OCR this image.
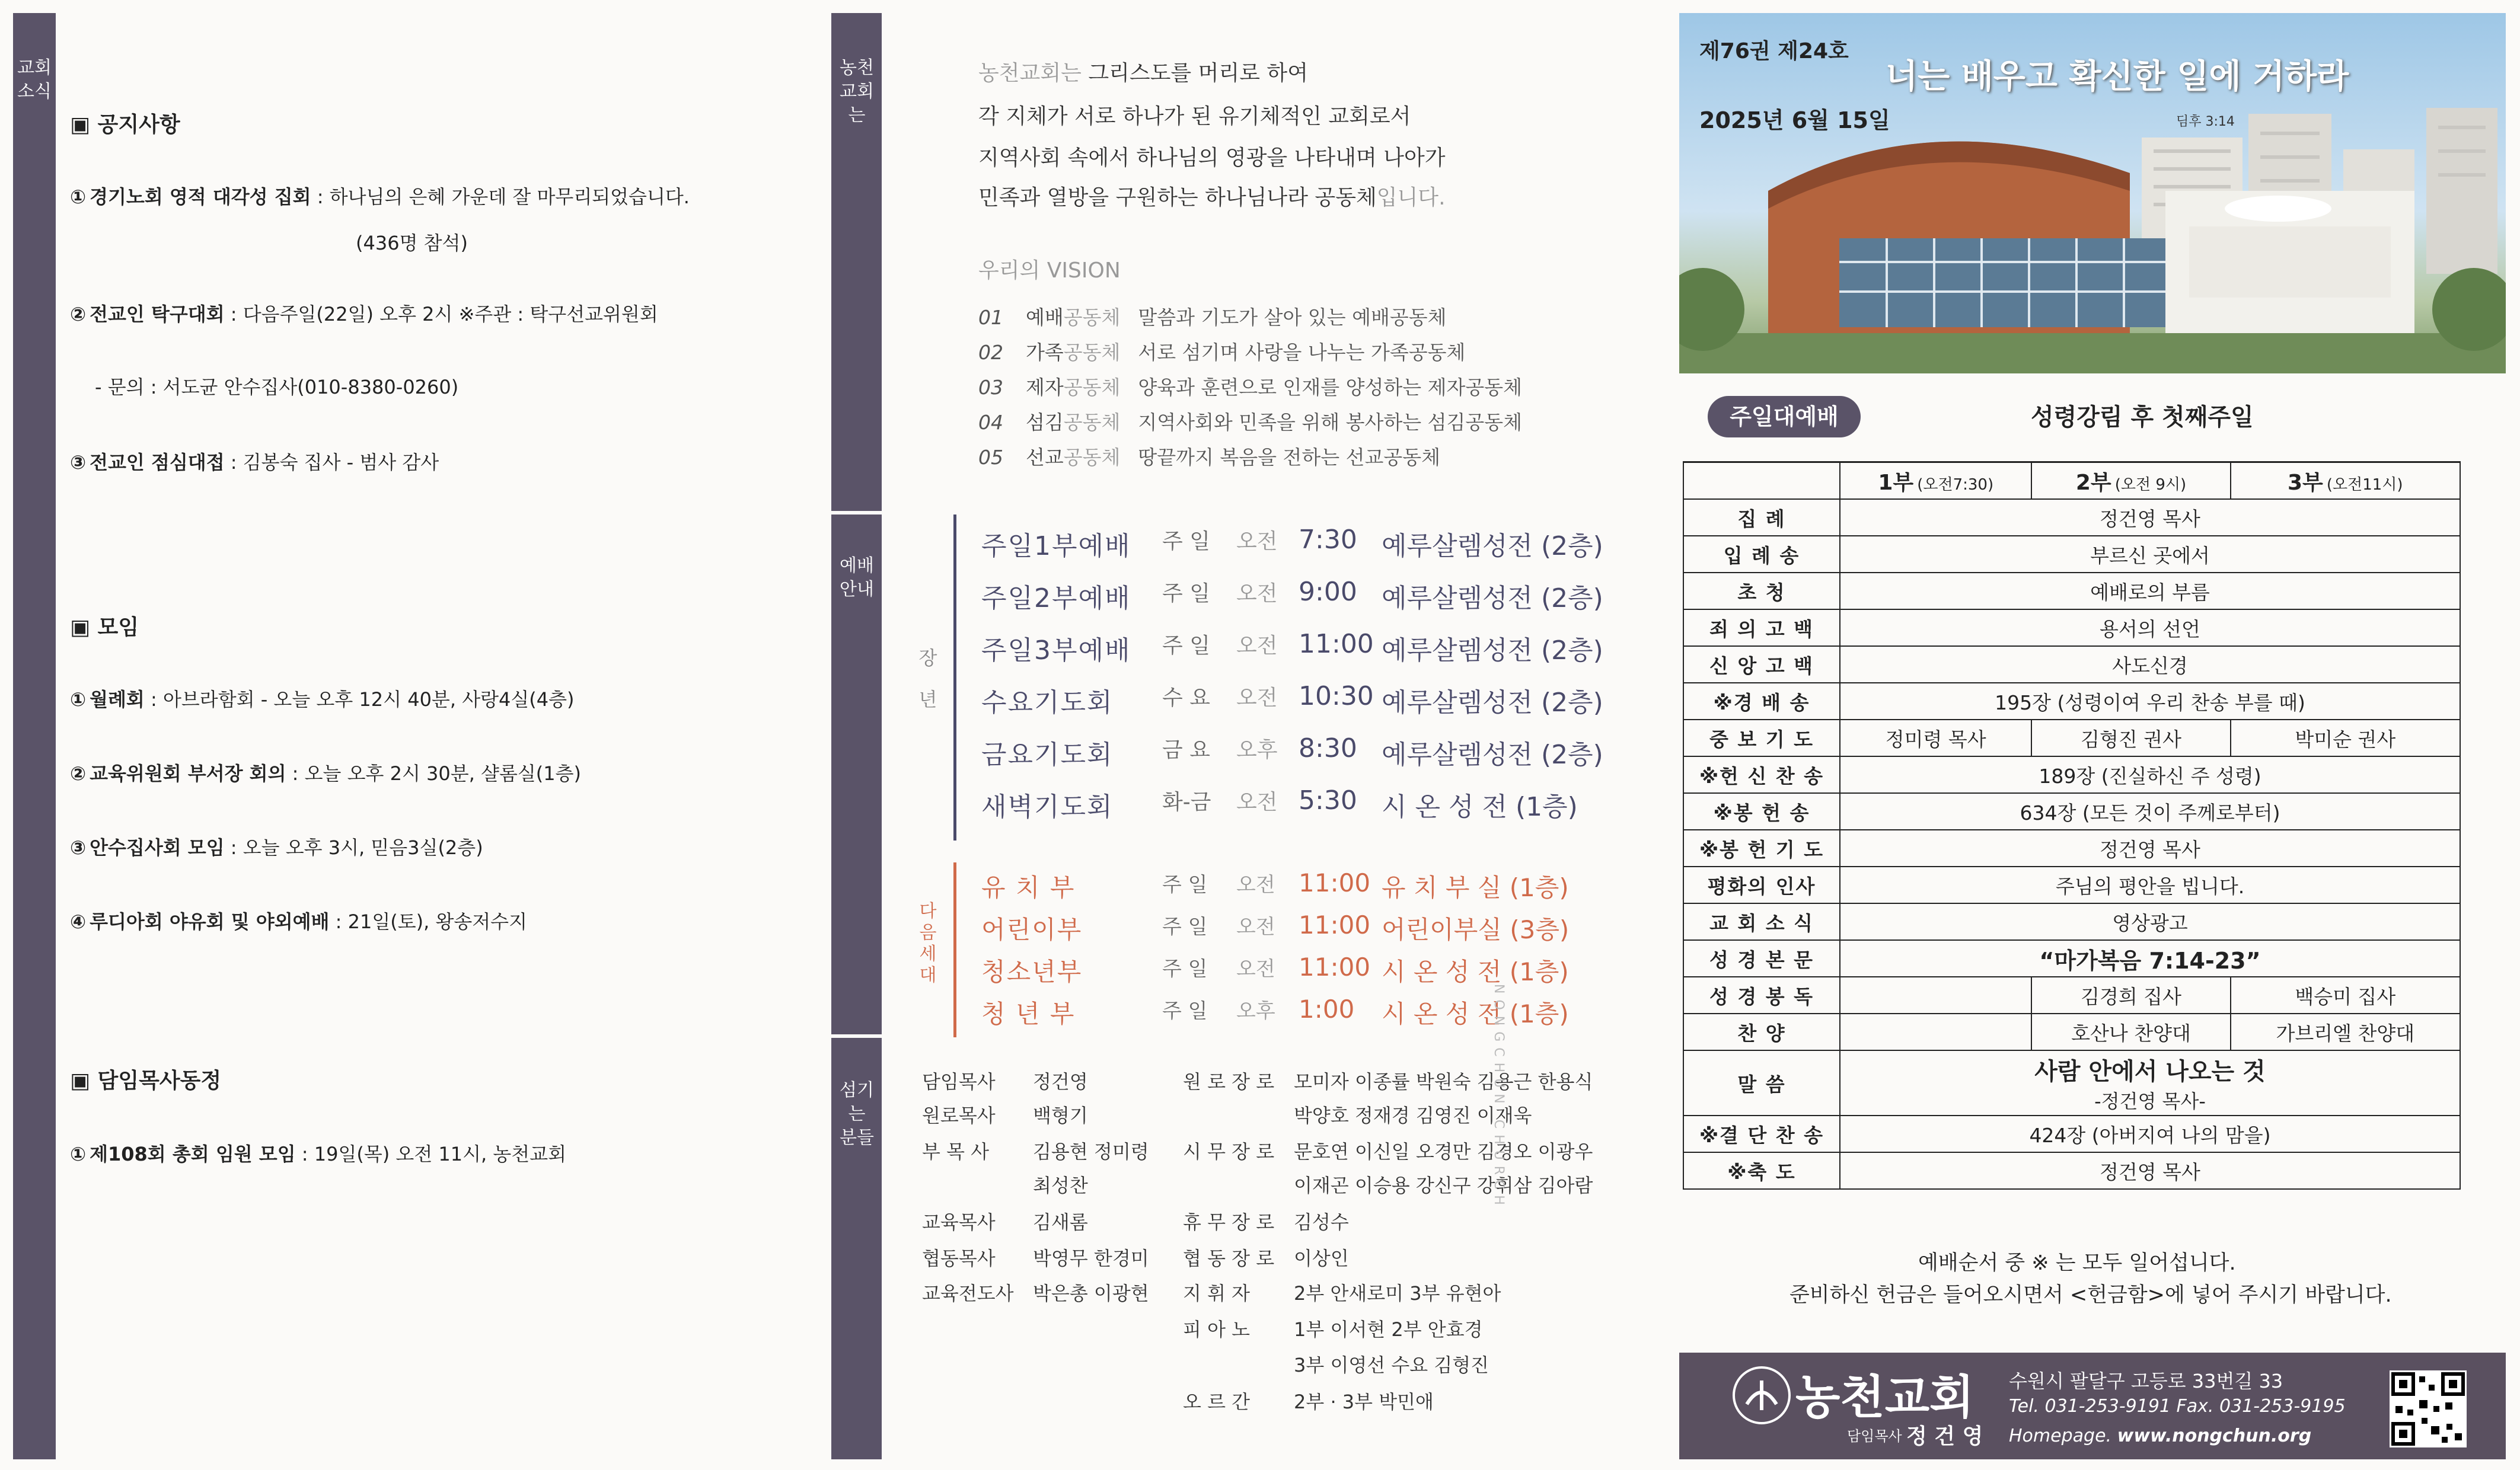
교회소식
▣ 공지사항
① 경기노회 영적 대각성 집회 : 하나님의 은혜 가운데 잘 마무리되었습니다.
(436명 참석)
② 전교인 탁구대회 : 다음주일(22일) 오후 2시 ※주관 : 탁구선교위원회
- 문의 : 서도균 안수집사(010-8380-0260)
③ 전교인 점심대접 : 김봉숙 집사 - 범사 감사
▣ 모임
① 월례회 : 아브라함회 - 오늘 오후 12시 40분, 사랑4실(4층)
② 교육위원회 부서장 회의 : 오늘 오후 2시 30분, 샬롬실(1층)
③ 안수집사회 모임 : 오늘 오후 3시, 믿음3실(2층)
④ 루디아회 야유회 및 야외예배 : 21일(토), 왕송저수지
▣ 담임목사동정
① 제108회 총회 임원 모임 : 19일(목) 오전 11시, 농천교회
농천교회는
예배안내
섬기는 분들
농천교회는 그리스도를 머리로 하여
각 지체가 서로 하나가 된 유기체적인 교회로서
지역사회 속에서 하나님의 영광을 나타내며 나아가
민족과 열방을 구원하는 하나님나라 공동체입니다.
우리의 VISION
01 예배공동체 말씀과 기도가 살아 있는 예배공동체
02 가족공동체 서로 섬기며 사랑을 나누는 가족공동체
03 제자공동체 양육과 훈련으로 인재를 양성하는 제자공동체
04 섬김공동체 지역사회와 민족을 위해 봉사하는 섬김공동체
05 선교공동체 땅끝까지 복음을 전하는 선교공동체
장년
주일1부예배 주 일 오전 7:30 예루살렘성전 (2층)
주일2부예배 주 일 오전 9:00 예루살렘성전 (2층)
주일3부예배 주 일 오전 11:00 예루살렘성전 (2층)
수요기도회 수 요 오전 10:30 예루살렘성전 (2층)
금요기도회 금 요 오후 8:30 예루살렘성전 (2층)
새벽기도회 화-금 오전 5:30 시 온 성 전 (1층)
다음세대
유 치 부	주 일 오전 11:00 유 치 부 실 (1층)
어린이부	주 일 오전 11:00 어린이부실 (3층)
청소년부	주 일 오전 11:00 시 온 성 전 (1층)
청 년 부	주 일 오후 1:00 시 온 성 전 (1층)
담임목사 정건영
원로목사 백형기
부 목 사 김용현 정미령
최성찬
교육목사 김새롬
협동목사 박영무 한경미
교육전도사 박은총 이광현
원 로 장 로 모미자 이종률 박원숙 김용근 한용식
박양호 정재경 김영진 이재욱
시 무 장 로 문호연 이신일 오경만 김경오 이광우
이재곤 이승용 강신구 강휘삼 김아람
휴 무 장 로 김성수
협 동 장 로 이상인
지 휘 자 2부 안새로미 3부 유현아
피 아 노 1부 이서현 2부 안효경
3부 이영선 수요 김형진
오 르 간 2부 · 3부 박민애
NONGCHUN CHURCH
제76권 제24호
2025년 6월 15일
너는 배우고 확신한 일에 거하라
딤후 3:14
주일대예배	성령강림 후 첫째주일
	1부 (오전7:30)	2부 (오전 9시)	3부 (오전11시)
집 례	정건영 목사		
입 례 송	부르신 곳에서		
초 청	예배로의 부름		
죄 의 고 백	용서의 선언		
신 앙 고 백	사도신경		
※경 배 송	195장 (성령이여 우리 찬송 부를 때)		
중 보 기 도	정미령 목사	김형진 권사	박미순 권사
※헌 신 찬 송	189장 (진실하신 주 성령)		
※봉 헌 송	634장 (모든 것이 주께로부터)		
※봉 헌 기 도	정건영 목사		
평화의 인사	주님의 평안을 빕니다.		
교 회 소 식	영상광고		
성 경 본 문	“마가복음 7:14-23”		
성 경 봉 독		김경희 집사	백승미 집사
찬 양		호산나 찬양대	가브리엘 찬양대
말 씀	사람 안에서 나오는 것
-정건영 목사-		

※결 단 찬 송	424장 (아버지여 나의 맘을)		
※축 도	정건영 목사		
예배순서 중 ※ 는 모두 일어섭니다.
준비하신 헌금은 들어오시면서 <헌금함>에 넣어 주시기 바랍니다.
농천교회
담임목사 정 건 영
수원시 팔달구 고등로 33번길 33
Tel. 031-253-9191 Fax. 031-253-9195
Homepage. www.nongchun.org
